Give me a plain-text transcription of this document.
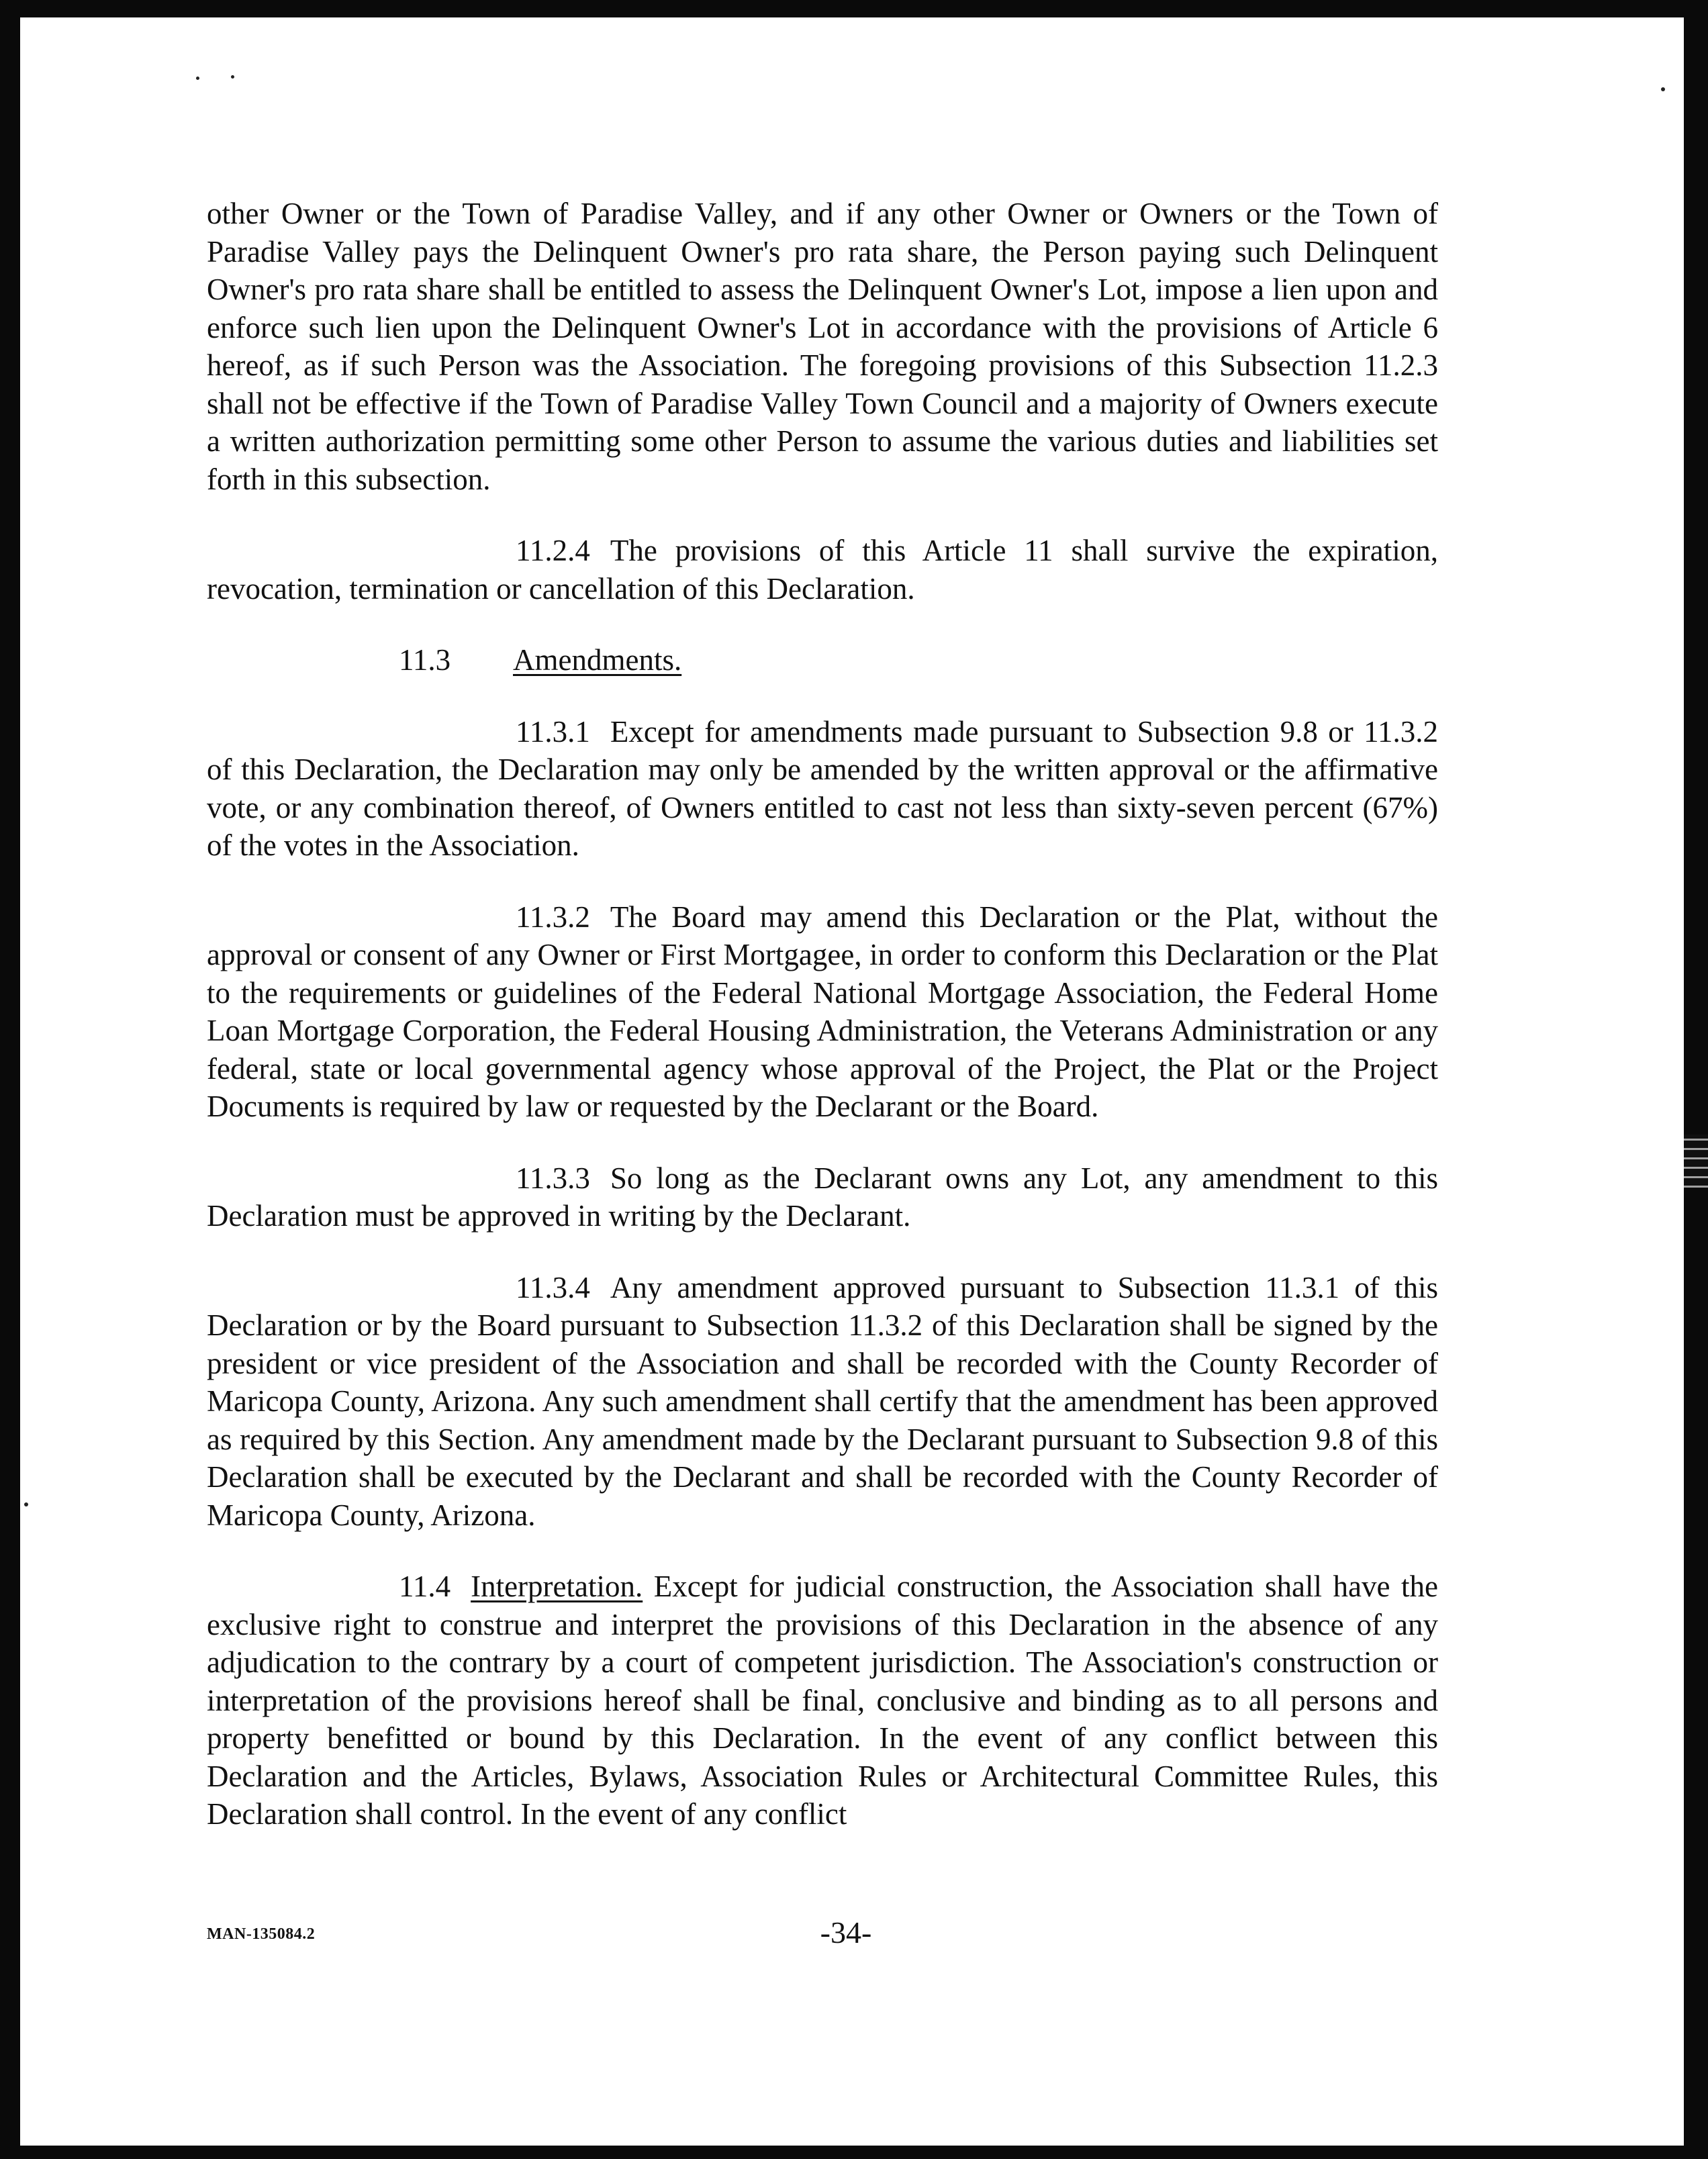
other Owner or the Town of Paradise Valley, and if any other Owner or Owners or the Town of Paradise Valley pays the Delinquent Owner's pro rata share, the Person paying such Delinquent Owner's pro rata share shall be entitled to assess the Delinquent Owner's Lot, impose a lien upon and enforce such lien upon the Delinquent Owner's Lot in accordance with the provisions of Article 6 hereof, as if such Person was the Association. The foregoing provisions of this Subsection 11.2.3 shall not be effective if the Town of Paradise Valley Town Council and a majority of Owners execute a written authorization permitting some other Person to assume the various duties and liabilities set forth in this subsection.

11.2.4 The provisions of this Article 11 shall survive the expiration, revocation, termination or cancellation of this Declaration.

11.3 Amendments.

11.3.1 Except for amendments made pursuant to Subsection 9.8 or 11.3.2 of this Declaration, the Declaration may only be amended by the written approval or the affirmative vote, or any combination thereof, of Owners entitled to cast not less than sixty-seven percent (67%) of the votes in the Association.

11.3.2 The Board may amend this Declaration or the Plat, without the approval or consent of any Owner or First Mortgagee, in order to conform this Declaration or the Plat to the requirements or guidelines of the Federal National Mortgage Association, the Federal Home Loan Mortgage Corporation, the Federal Housing Administration, the Veterans Administration or any federal, state or local governmental agency whose approval of the Project, the Plat or the Project Documents is required by law or requested by the Declarant or the Board.

11.3.3 So long as the Declarant owns any Lot, any amendment to this Declaration must be approved in writing by the Declarant.

11.3.4 Any amendment approved pursuant to Subsection 11.3.1 of this Declaration or by the Board pursuant to Subsection 11.3.2 of this Declaration shall be signed by the president or vice president of the Association and shall be recorded with the County Recorder of Maricopa County, Arizona. Any such amendment shall certify that the amendment has been approved as required by this Section. Any amendment made by the Declarant pursuant to Subsection 9.8 of this Declaration shall be executed by the Declarant and shall be recorded with the County Recorder of Maricopa County, Arizona.

11.4 Interpretation. Except for judicial construction, the Association shall have the exclusive right to construe and interpret the provisions of this Declaration in the absence of any adjudication to the contrary by a court of competent jurisdiction. The Association's construction or interpretation of the provisions hereof shall be final, conclusive and binding as to all persons and property benefitted or bound by this Declaration. In the event of any conflict between this Declaration and the Articles, Bylaws, Association Rules or Architectural Committee Rules, this Declaration shall control. In the event of any conflict

MAN-135084.2	-34-
